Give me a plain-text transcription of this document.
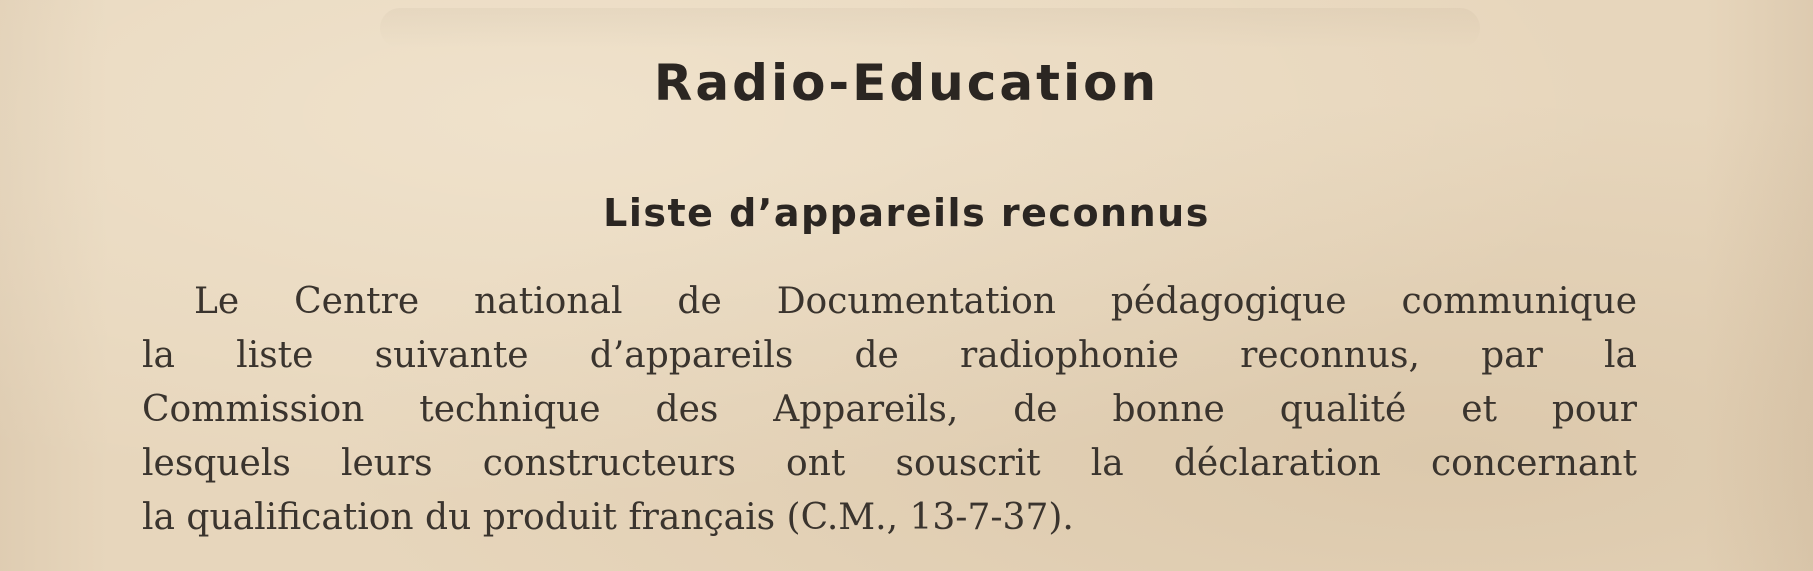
Radio-Education
Liste d’appareils reconnus
Le Centre national de Documentation pédagogique communique
la liste suivante d’appareils de radiophonie reconnus, par la
Commission technique des Appareils, de bonne qualité et pour
lesquels leurs constructeurs ont souscrit la déclaration concernant
la qualification du produit français (C.M., 13-7-37).
